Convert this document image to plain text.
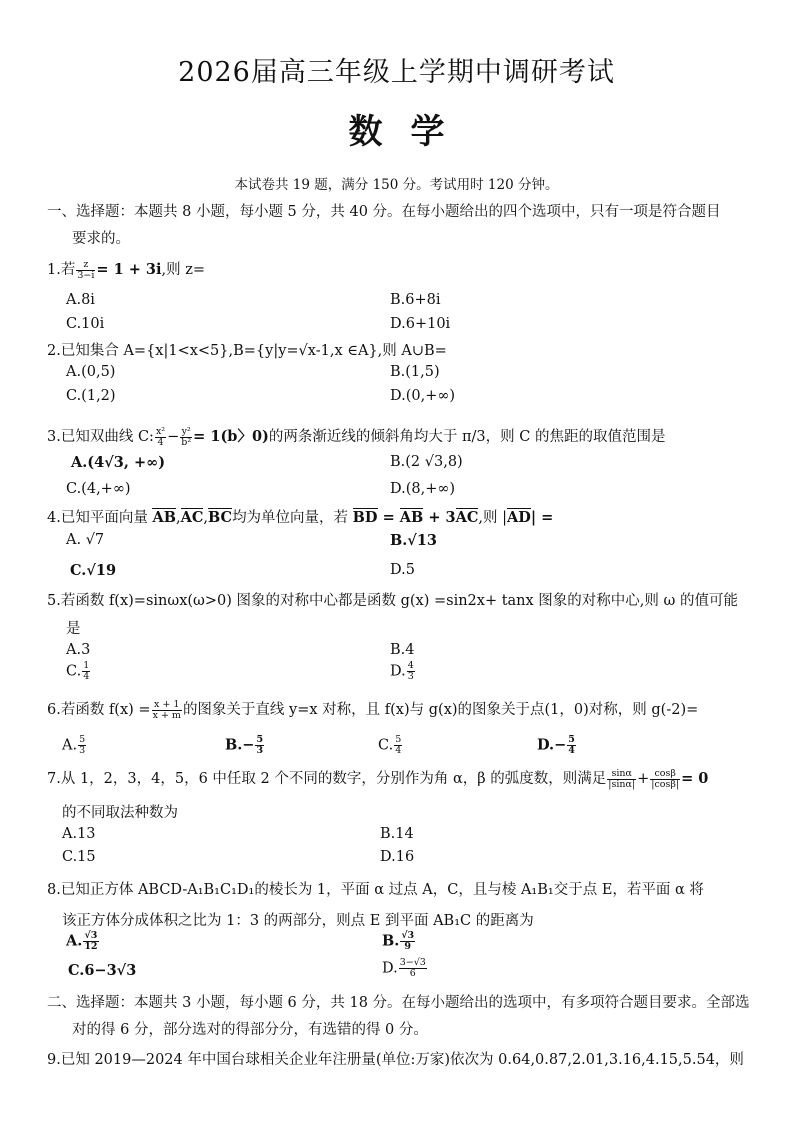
2026届高三年级上学期中调研考试
数学
本试卷共 19 题，满分 150 分。考试用时 120 分钟。
一、选择题：本题共 8 小题，每小题 5 分，共 40 分。在每小题给出的四个选项中，只有一项是符合题目
要求的。
1.若 $\frac{z}{3-i} = 1 + 3i$,则 z=
A.8i	B.6+8i
C.10i	D.6+10i
2.已知集合 A={x|1<x<5},B={y|y=√x-1,x ∈A},则 A∪B=
A.(0,5)	B.(1,5)
C.(1,2)	D.(0,+∞)
3.已知双曲线 C: $\frac{\text{x²}}{4} - \frac{\text{y²}}{\text{b²}} = 1(b$〉0)的两条渐近线的倾斜角均大于 π/3，则 C 的焦距的取值范围是
A.(4√3, +∞)	B.(2 √3,8)
C.(4,+∞)	D.(8,+∞)
4.已知平面向量 AB,AC,BC均为单位向量，若 BD = AB + 3AC,则 |AD| =
A. √7	B.√13
C.√19	D.5
5.若函数 f(x)=sinωx(ω>0) 图象的对称中心都是函数 g(x) =sin2x+ tanx 图象的对称中心,则 ω 的值可能
是
A.3	B.4
C. $\frac{1}{4}$	D. $\frac{4}{3}$
6.若函数 $f(x) = \frac{x + 1}{x + m}$ 的图象关于直线 y=x 对称，且 f(x)与 g(x)的图象关于点(1，0)对称，则 g(-2)=
A. $\frac{5}{3}$	$B.- \frac{5}{3}$	C. $\frac{5}{4}$	$D.- \frac{5}{4}$
7.从 1，2，3，4，5，6 中任取 2 个不同的数字，分别作为角 α，β 的弧度数，则满足 $\frac{\sin\alpha}{|\sin\alpha|} + \frac{\cos\beta}{|\cos\beta|} = 0$
的不同取法种数为
A.13	B.14
C.15	D.16
8.已知正方体 ABCD-A₁B₁C₁D₁的棱长为 1，平面 α 过点 A，C，且与棱 A₁B₁交于点 E，若平面 α 将
该正方体分成体积之比为 1：3 的两部分，则点 E 到平面 AB₁C 的距离为
A. $\frac{√3}{12}$	B. $\frac{√3}{9}$
C.6−3√3	D. $\frac{3-√3}{6}$
二、选择题：本题共 3 小题，每小题 6 分，共 18 分。在每小题给出的选项中，有多项符合题目要求。全部选
对的得 6 分，部分选对的得部分分，有选错的得 0 分。
9.已知 2019—2024 年中国台球相关企业年注册量(单位:万家)依次为 0.64,0.87,2.01,3.16,4.15,5.54，则
